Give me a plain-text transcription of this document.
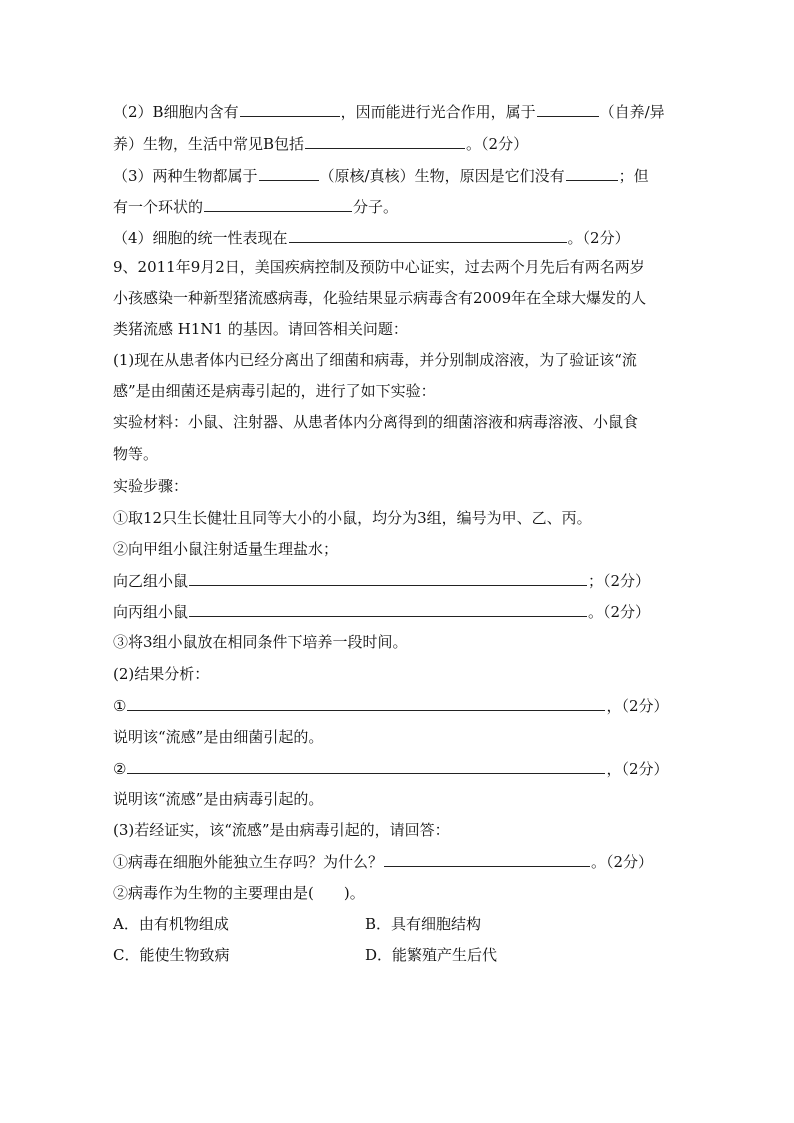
（2）B细胞内含有	，因而能进行光合作用，属于	（自养/异
养）生物，生活中常见B包括	。（2分）
（3）两种生物都属于	（原核/真核）生物，原因是它们没有	；但
有一个环状的	分子。
（4）细胞的统一性表现在	。（2分）
9、2011年9月2日，美国疾病控制及预防中心证实，过去两个月先后有两名两岁
小孩感染一种新型猪流感病毒，化验结果显示病毒含有2009年在全球大爆发的人
类猪流感 H1N1 的基因。请回答相关问题：
(1)现在从患者体内已经分离出了细菌和病毒，并分别制成溶液，为了验证该“流
感”是由细菌还是病毒引起的，进行了如下实验：
实验材料：小鼠、注射器、从患者体内分离得到的细菌溶液和病毒溶液、小鼠食
物等。
实验步骤：
①取12只生长健壮且同等大小的小鼠，均分为3组，编号为甲、乙、丙。
②向甲组小鼠注射适量生理盐水；
向乙组小鼠	；（2分）
向丙组小鼠	。（2分）
③将3组小鼠放在相同条件下培养一段时间。
(2)结果分析：
①	，（2分）
说明该“流感”是由细菌引起的。
②	，（2分）
说明该“流感”是由病毒引起的。
(3)若经证实，该“流感”是由病毒引起的，请回答：
①病毒在细胞外能独立生存吗？为什么？	。（2分）
②病毒作为生物的主要理由是(　　)。
A．由有机物组成	B．具有细胞结构
C．能使生物致病	D．能繁殖产生后代
